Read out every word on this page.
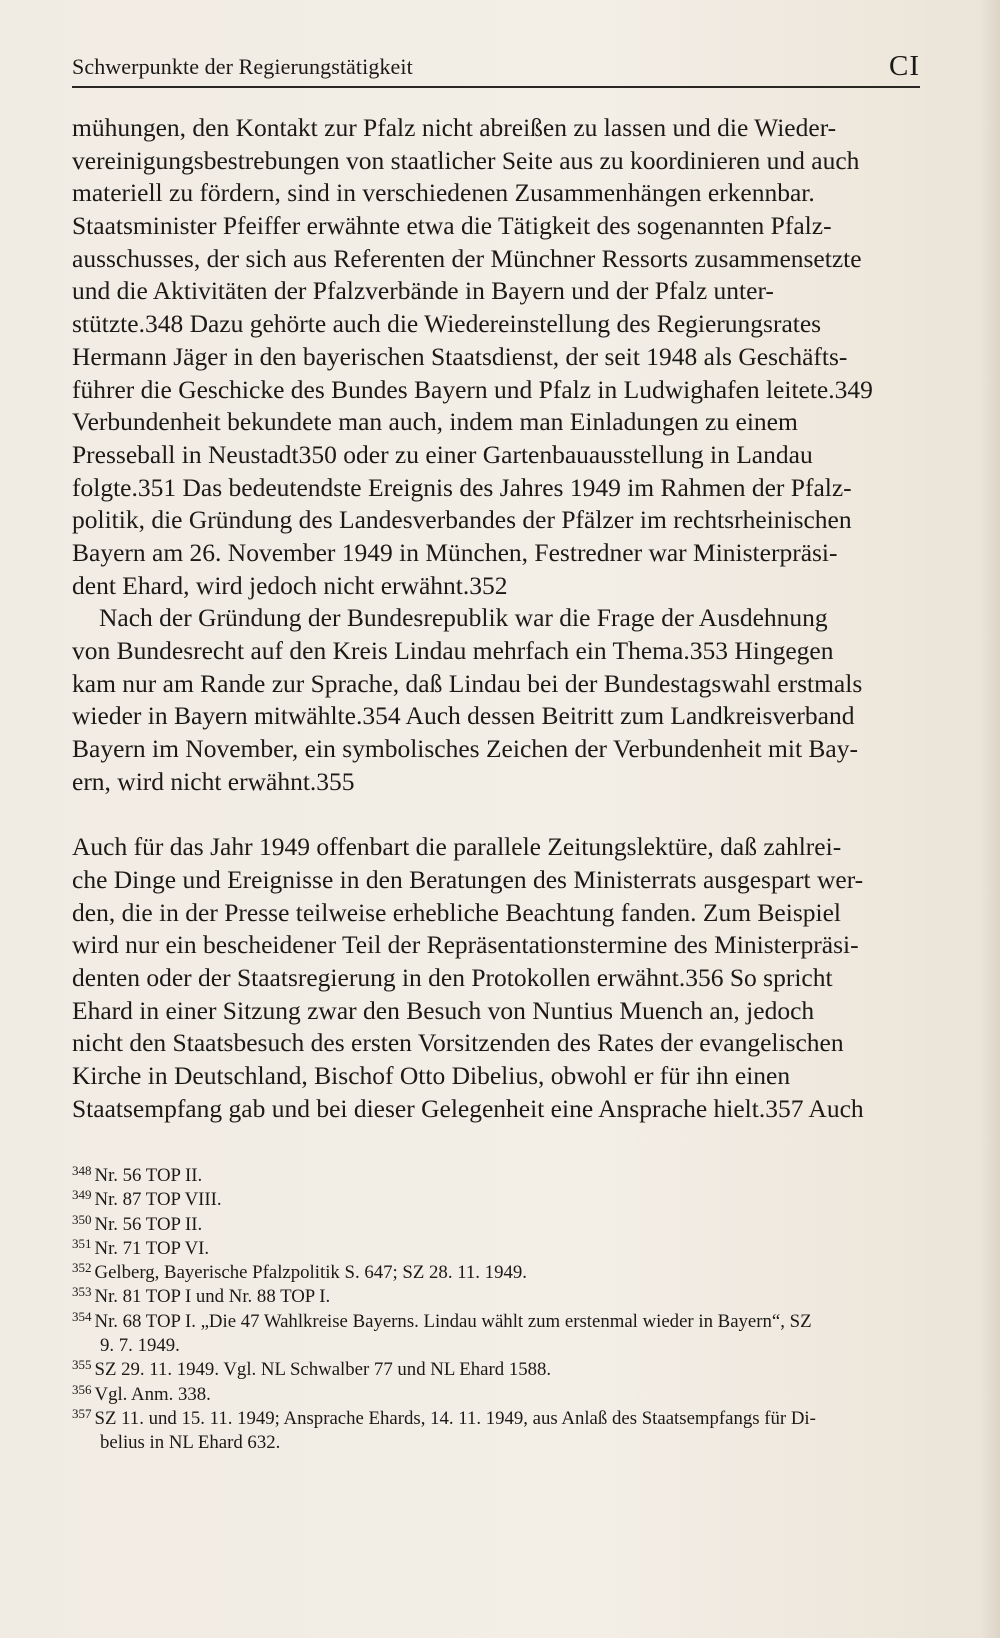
Schwerpunkte der Regierungstätigkeit	CI
mühungen, den Kontakt zur Pfalz nicht abreißen zu lassen und die Wieder-
vereinigungsbestrebungen von staatlicher Seite aus zu koordinieren und auch
materiell zu fördern, sind in verschiedenen Zusammenhängen erkennbar.
Staatsminister Pfeiffer erwähnte etwa die Tätigkeit des sogenannten Pfalz-
ausschusses, der sich aus Referenten der Münchner Ressorts zusammensetzte
und die Aktivitäten der Pfalzverbände in Bayern und der Pfalz unter-
stützte.348 Dazu gehörte auch die Wiedereinstellung des Regierungsrates
Hermann Jäger in den bayerischen Staatsdienst, der seit 1948 als Geschäfts-
führer die Geschicke des Bundes Bayern und Pfalz in Ludwighafen leitete.349
Verbundenheit bekundete man auch, indem man Einladungen zu einem
Presseball in Neustadt350 oder zu einer Gartenbauausstellung in Landau
folgte.351 Das bedeutendste Ereignis des Jahres 1949 im Rahmen der Pfalz-
politik, die Gründung des Landesverbandes der Pfälzer im rechtsrheinischen
Bayern am 26. November 1949 in München, Festredner war Ministerpräsi-
dent Ehard, wird jedoch nicht erwähnt.352
Nach der Gründung der Bundesrepublik war die Frage der Ausdehnung
von Bundesrecht auf den Kreis Lindau mehrfach ein Thema.353 Hingegen
kam nur am Rande zur Sprache, daß Lindau bei der Bundestagswahl erstmals
wieder in Bayern mitwählte.354 Auch dessen Beitritt zum Landkreisverband
Bayern im November, ein symbolisches Zeichen der Verbundenheit mit Bay-
ern, wird nicht erwähnt.355
Auch für das Jahr 1949 offenbart die parallele Zeitungslektüre, daß zahlrei-
che Dinge und Ereignisse in den Beratungen des Ministerrats ausgespart wer-
den, die in der Presse teilweise erhebliche Beachtung fanden. Zum Beispiel
wird nur ein bescheidener Teil der Repräsentationstermine des Ministerpräsi-
denten oder der Staatsregierung in den Protokollen erwähnt.356 So spricht
Ehard in einer Sitzung zwar den Besuch von Nuntius Muench an, jedoch
nicht den Staatsbesuch des ersten Vorsitzenden des Rates der evangelischen
Kirche in Deutschland, Bischof Otto Dibelius, obwohl er für ihn einen
Staatsempfang gab und bei dieser Gelegenheit eine Ansprache hielt.357 Auch
$^{348}$ Nr. 56 TOP II.
$^{349}$ Nr. 87 TOP VIII.
$^{350}$ Nr. 56 TOP II.
$^{351}$ Nr. 71 TOP VI.
$^{352}$ Gelberg, Bayerische Pfalzpolitik S. 647; SZ 28. 11. 1949.
$^{353}$ Nr. 81 TOP I und Nr. 88 TOP I.
$^{354}$ Nr. 68 TOP I. „Die 47 Wahlkreise Bayerns. Lindau wählt zum erstenmal wieder in Bayern“, SZ
9. 7. 1949.
$^{355}$ SZ 29. 11. 1949. Vgl. NL Schwalber 77 und NL Ehard 1588.
$^{356}$ Vgl. Anm. 338.
$^{357}$ SZ 11. und 15. 11. 1949; Ansprache Ehards, 14. 11. 1949, aus Anlaß des Staatsempfangs für Di-
belius in NL Ehard 632.
